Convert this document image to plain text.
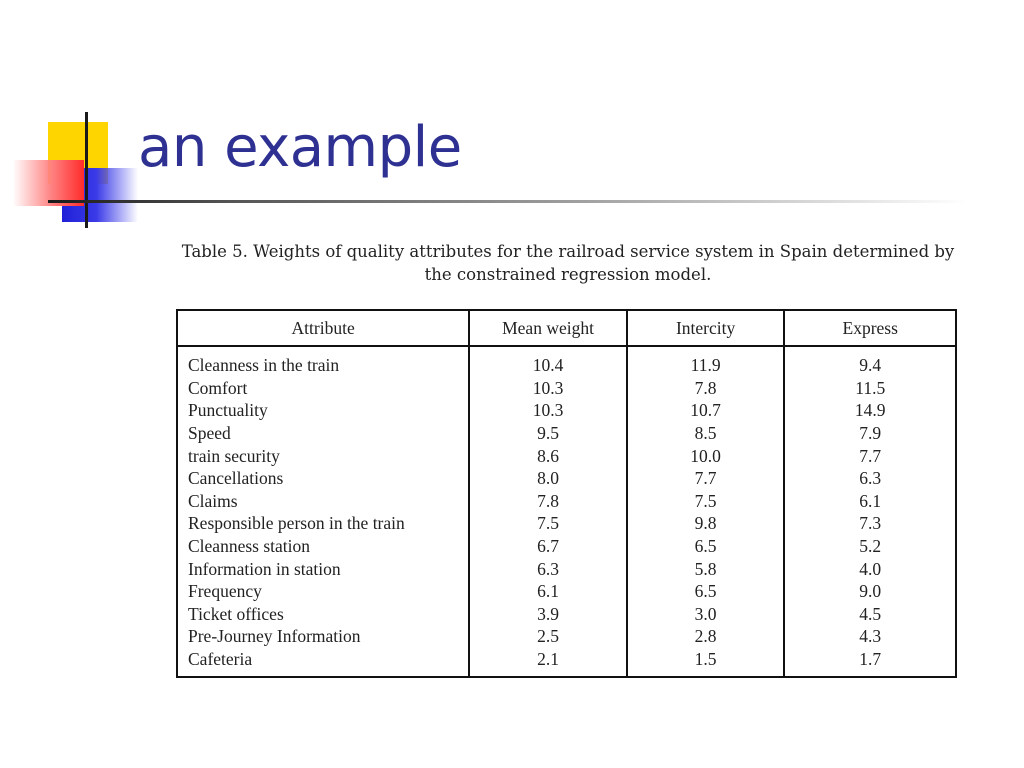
an example
Table 5. Weights of quality attributes for the railroad service system in Spain determined by the constrained regression model.
Attribute	Mean weight	Intercity	Express
Cleanness in the train	10.4	11.9	9.4
Comfort	10.3	7.8	11.5
Punctuality	10.3	10.7	14.9
Speed	9.5	8.5	7.9
train security	8.6	10.0	7.7
Cancellations	8.0	7.7	6.3
Claims	7.8	7.5	6.1
Responsible person in the train	7.5	9.8	7.3
Cleanness station	6.7	6.5	5.2
Information in station	6.3	5.8	4.0
Frequency	6.1	6.5	9.0
Ticket offices	3.9	3.0	4.5
Pre-Journey Information	2.5	2.8	4.3
Cafeteria	2.1	1.5	1.7
